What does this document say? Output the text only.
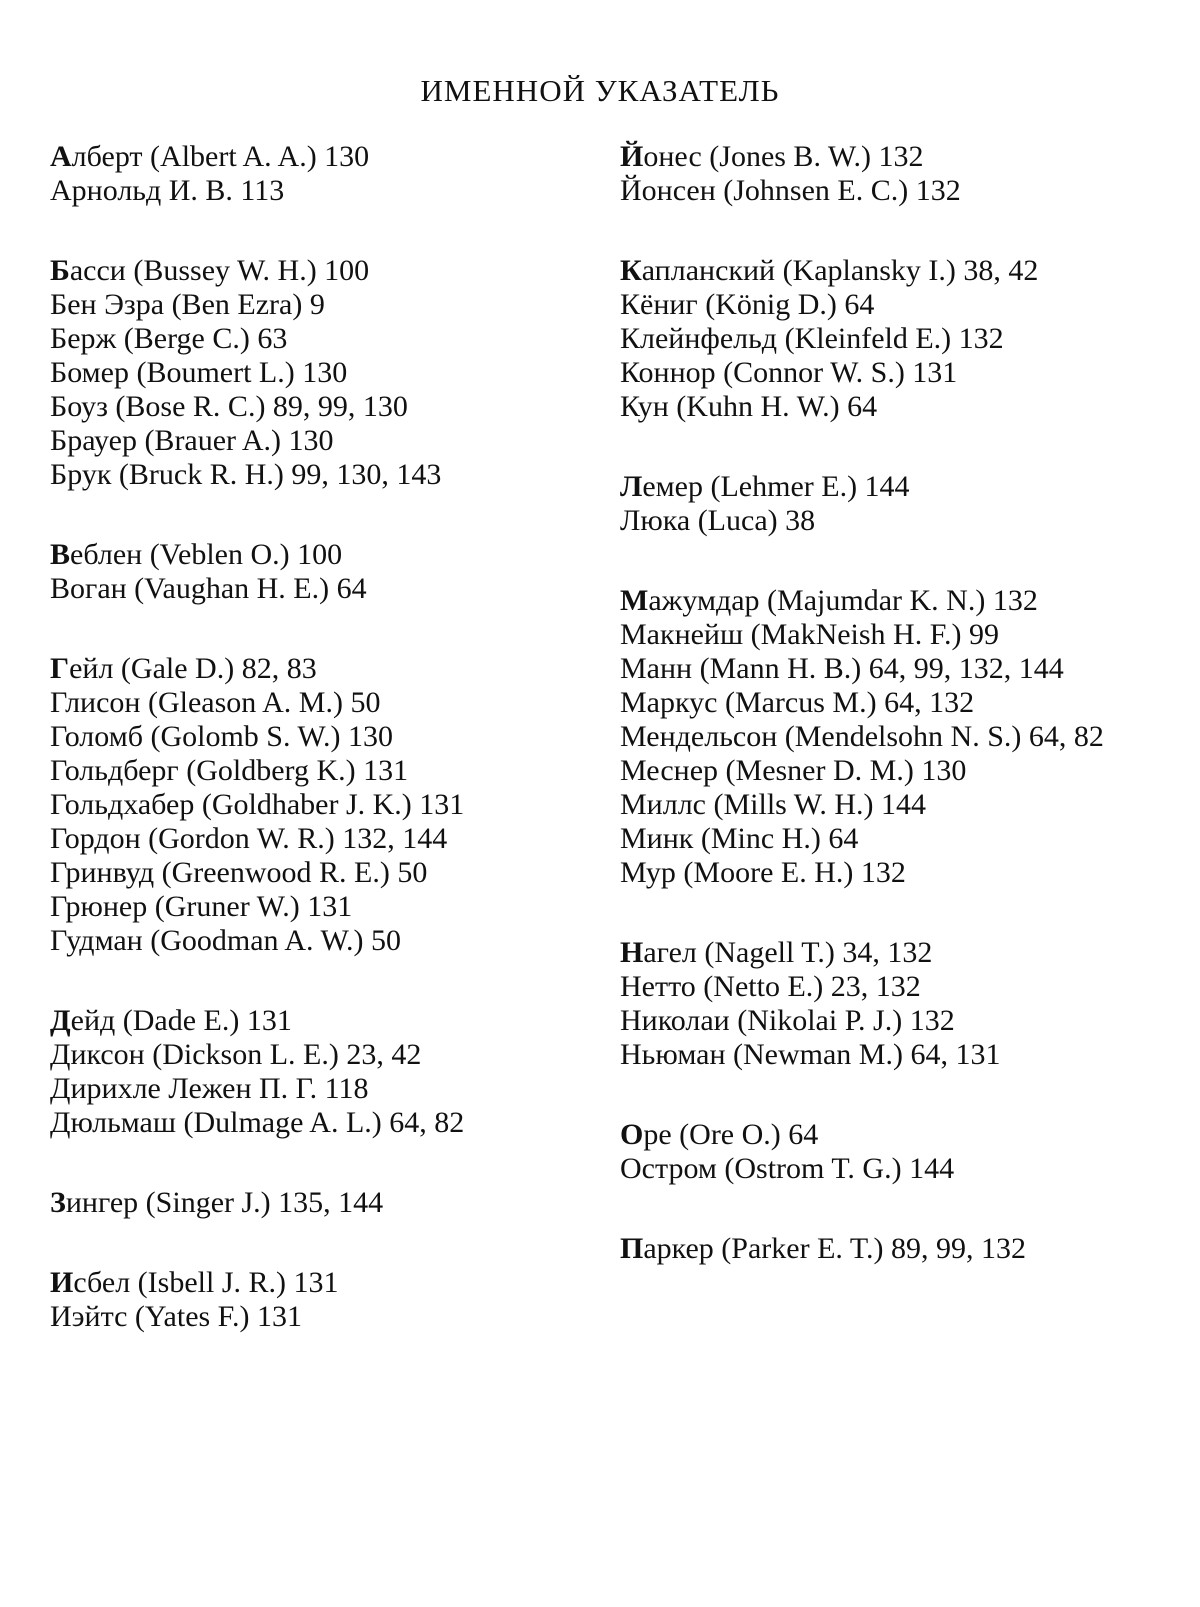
ИМЕННОЙ УКАЗАТЕЛЬ

Алберт (Albert A. A.) 130

Арнольд И. В. 113

Басси (Bussey W. H.) 100

Бен Эзра (Ben Ezra) 9

Берж (Berge C.) 63

Бомер (Boumert L.) 130

Боуз (Bose R. C.) 89, 99, 130

Брауер (Brauer A.) 130

Брук (Bruck R. H.) 99, 130, 143

Веблен (Veblen O.) 100

Воган (Vaughan H. E.) 64

Гейл (Gale D.) 82, 83

Глисон (Gleason A. M.) 50

Голомб (Golomb S. W.) 130

Гольдберг (Goldberg K.) 131

Гольдхабер (Goldhaber J. K.) 131

Гордон (Gordon W. R.) 132, 144

Гринвуд (Greenwood R. E.) 50

Грюнер (Gruner W.) 131

Гудман (Goodman A. W.) 50

Дейд (Dade E.) 131

Диксон (Dickson L. E.) 23, 42

Дирихле Лежен П. Г. 118

Дюльмаш (Dulmage A. L.) 64, 82

Зингер (Singer J.) 135, 144

Исбел (Isbell J. R.) 131

Иэйтс (Yates F.) 131

Йонес (Jones B. W.) 132

Йонсен (Johnsen E. C.) 132

Капланский (Kaplansky I.) 38, 42

Кёниг (König D.) 64

Клейнфельд (Kleinfeld E.) 132

Коннор (Connor W. S.) 131

Кун (Kuhn H. W.) 64

Лемер (Lehmer E.) 144

Люка (Luca) 38

Мажумдар (Majumdar K. N.) 132

Макнейш (MakNeish H. F.) 99

Манн (Mann H. B.) 64, 99, 132, 144

Маркус (Marcus M.) 64, 132

Мендельсон (Mendelsohn N. S.) 64, 82

Меснер (Mesner D. M.) 130

Миллс (Mills W. H.) 144

Минк (Minc H.) 64

Мур (Moore E. H.) 132

Нагел (Nagell T.) 34, 132

Нетто (Netto E.) 23, 132

Николаи (Nikolai P. J.) 132

Ньюман (Newman M.) 64, 131

Оре (Ore O.) 64

Остром (Ostrom T. G.) 144

Паркер (Parker E. T.) 89, 99, 132
